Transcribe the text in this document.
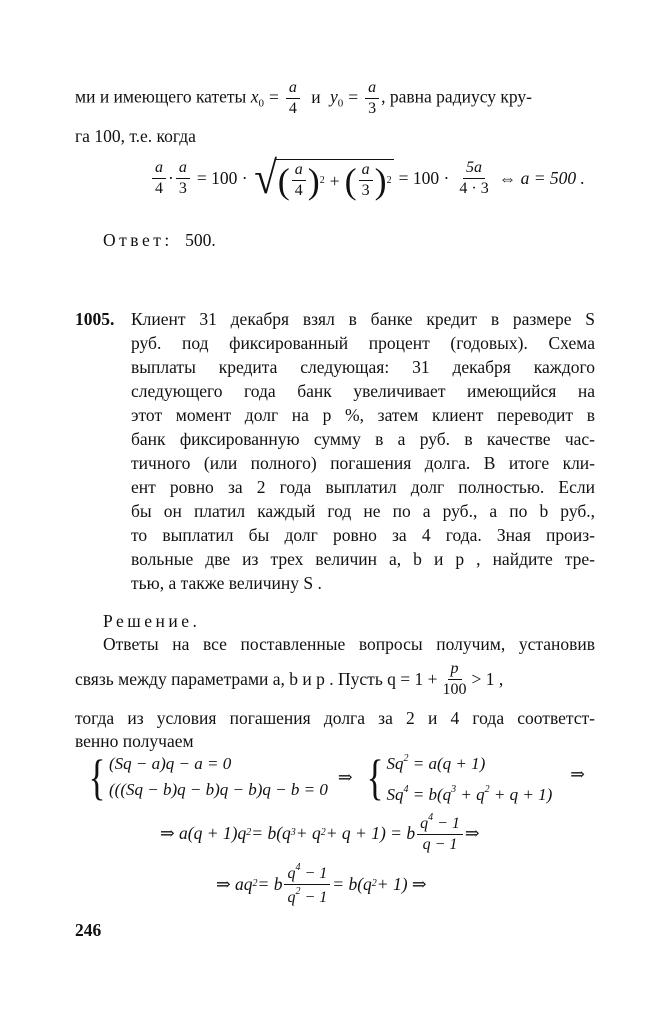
ми и имеющего катеты $x_0 = \frac{a}{4}$ и $y_0 = \frac{a}{3}$ , равна радиусу кру-
га 100, т.е. когда
$\frac{a}{4} \cdot \frac{a}{3} = 100$ · √ ( $\frac{a}{4}$ ) 2 + ( $\frac{a}{3}$ ) $2 = 100 \cdot \frac{5a}{4 \cdot 3}$ ⇔ a = 500 .
Ответ: 500.
1005. Клиент 31 декабря взял в банке кредит в размере S
руб. под фиксированный процент (годовых). Схема
выплаты кредита следующая: 31 декабря каждого
следующего года банк увеличивает имеющийся на
этот момент долг на p %, затем клиент переводит в
банк фиксированную сумму в a руб. в качестве час-
тичного (или полного) погашения долга. В итоге кли-
ент ровно за 2 года выплатил долг полностью. Если
бы он платил каждый год не по a руб., а по b руб.,
то выплатил бы долг ровно за 4 года. Зная произ-
вольные две из трех величин a, b и p , найдите тре-
тью, а также величину S .
Решение.
Ответы на все поставленные вопросы получим, установив
связь между параметрами a, b и p . Пусть $q = 1 + \frac{p}{100} > 1$ ,
тогда из условия погашения долга за 2 и 4 года соответст-
венно получаем
{ (Sq − a)q − a = 0
(((Sq − b)q − b)q − b)q − b = 0
⇒ { $Sq^2 = a(q + 1)$
$Sq^4 = b(q^3 + q^2 + q + 1)$
⇒
⇒ a(q + 1)q 2 = b(q 3 + q 2 + q + 1) = b $\frac{q^4 - 1}{q - 1}$ ⇒
⇒ aq 2 = b $\frac{q^4 - 1}{q^2 - 1} = b(q$ 2 + 1) ⇒
246
